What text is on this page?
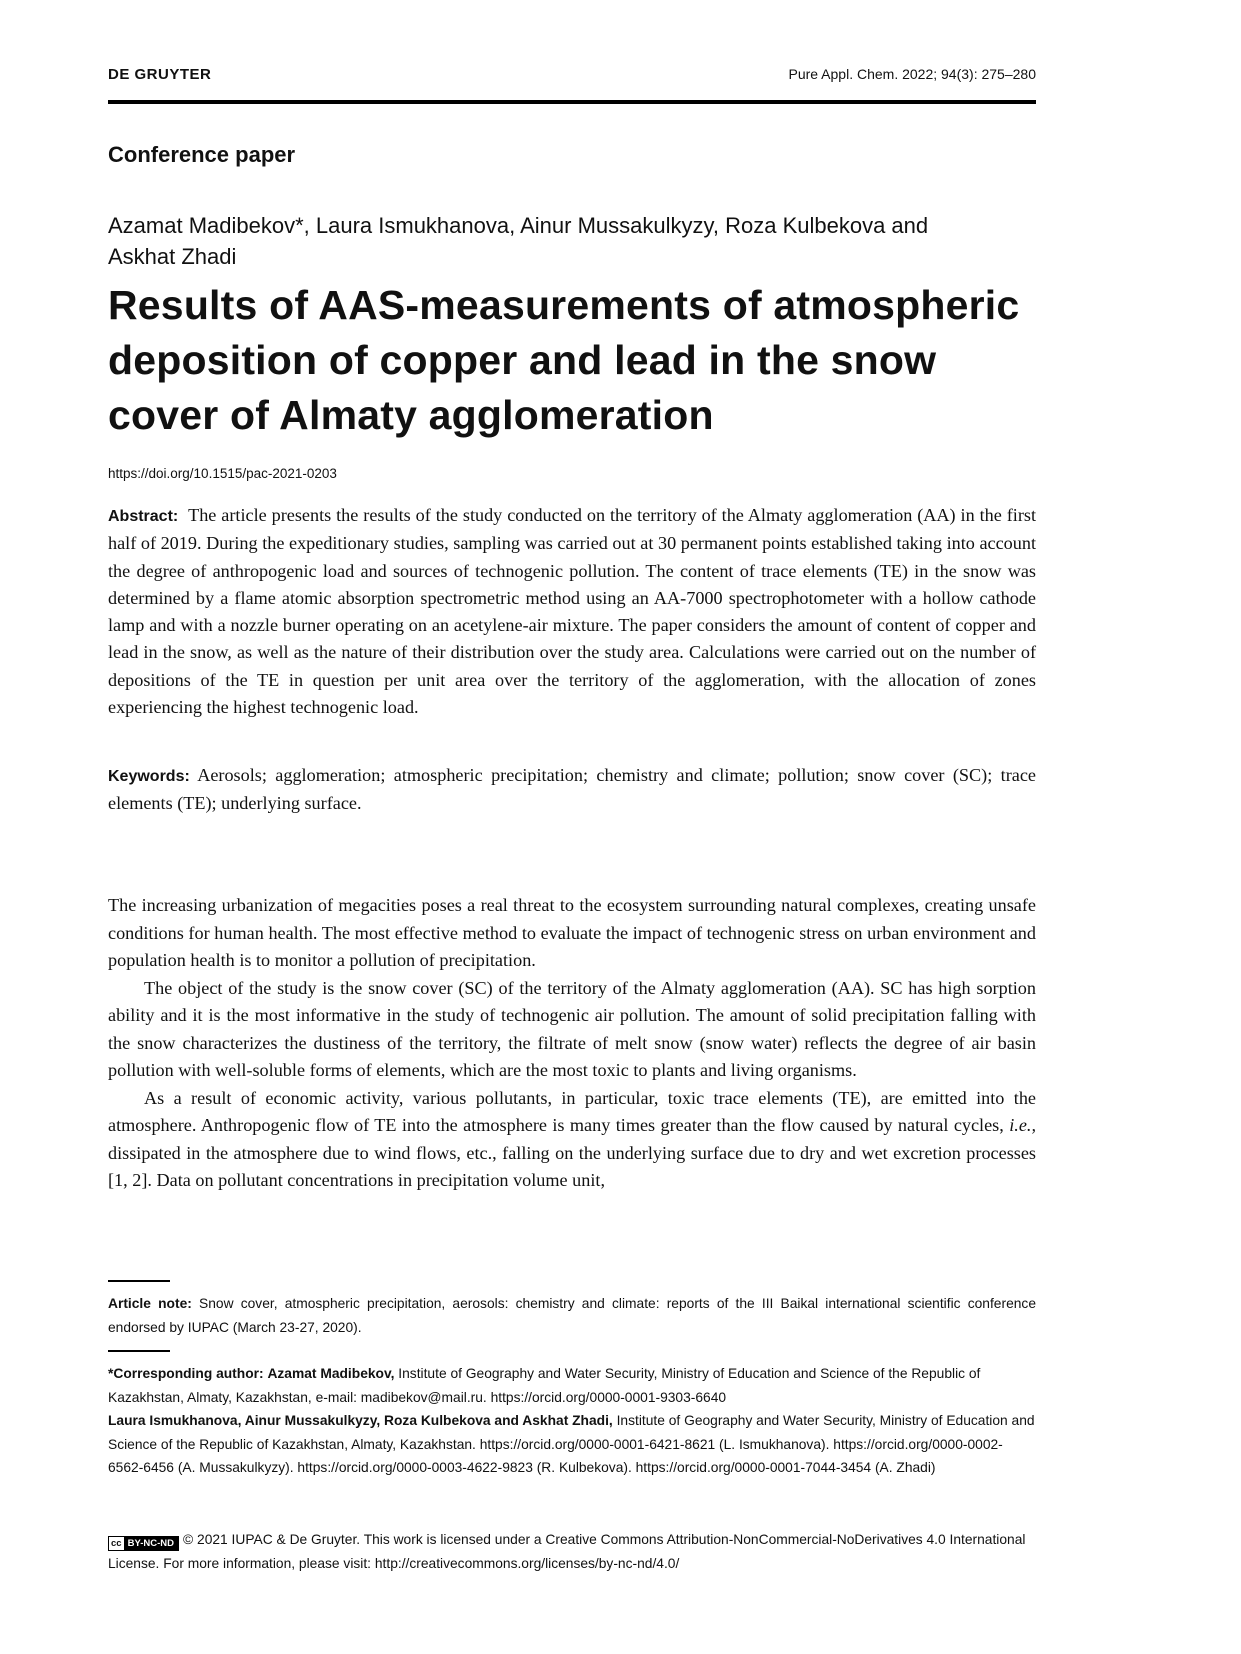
DE GRUYTER	Pure Appl. Chem. 2022; 94(3): 275–280
Conference paper
Azamat Madibekov*, Laura Ismukhanova, Ainur Mussakulkyzy, Roza Kulbekova and
Askhat Zhadi
Results of AAS-measurements of atmospheric deposition of copper and lead in the snow cover of Almaty agglomeration
https://doi.org/10.1515/pac-2021-0203

Abstract: The article presents the results of the study conducted on the territory of the Almaty agglomeration (AA) in the first half of 2019. During the expeditionary studies, sampling was carried out at 30 permanent points established taking into account the degree of anthropogenic load and sources of technogenic pollution. The content of trace elements (TE) in the snow was determined by a flame atomic absorption spectrometric method using an AA-7000 spectrophotometer with a hollow cathode lamp and with a nozzle burner operating on an acetylene-air mixture. The paper considers the amount of content of copper and lead in the snow, as well as the nature of their distribution over the study area. Calculations were carried out on the number of depositions of the TE in question per unit area over the territory of the agglomeration, with the allocation of zones experiencing the highest technogenic load.

Keywords: Aerosols; agglomeration; atmospheric precipitation; chemistry and climate; pollution; snow cover (SC); trace elements (TE); underlying surface.

The increasing urbanization of megacities poses a real threat to the ecosystem surrounding natural complexes, creating unsafe conditions for human health. The most effective method to evaluate the impact of technogenic stress on urban environment and population health is to monitor a pollution of precipitation.

The object of the study is the snow cover (SC) of the territory of the Almaty agglomeration (AA). SC has high sorption ability and it is the most informative in the study of technogenic air pollution. The amount of solid precipitation falling with the snow characterizes the dustiness of the territory, the filtrate of melt snow (snow water) reflects the degree of air basin pollution with well-soluble forms of elements, which are the most toxic to plants and living organisms.

As a result of economic activity, various pollutants, in particular, toxic trace elements (TE), are emitted into the atmosphere. Anthropogenic flow of TE into the atmosphere is many times greater than the flow caused by natural cycles, i.e., dissipated in the atmosphere due to wind flows, etc., falling on the underlying surface due to dry and wet excretion processes [1, 2]. Data on pollutant concentrations in precipitation volume unit,

Article note: Snow cover, atmospheric precipitation, aerosols: chemistry and climate: reports of the III Baikal international scientific conference endorsed by IUPAC (March 23-27, 2020).

*Corresponding author: Azamat Madibekov, Institute of Geography and Water Security, Ministry of Education and Science of the Republic of Kazakhstan, Almaty, Kazakhstan, e-mail: madibekov@mail.ru. https://orcid.org/0000-0001-9303-6640

Laura Ismukhanova, Ainur Mussakulkyzy, Roza Kulbekova and Askhat Zhadi, Institute of Geography and Water Security, Ministry of Education and Science of the Republic of Kazakhstan, Almaty, Kazakhstan. https://orcid.org/0000-0001-6421-8621 (L. Ismukhanova). https://orcid.org/0000-0002-6562-6456 (A. Mussakulkyzy). https://orcid.org/0000-0003-4622-9823 (R. Kulbekova). https://orcid.org/0000-0001-7044-3454 (A. Zhadi)

cc BY-NC-ND © 2021 IUPAC & De Gruyter. This work is licensed under a Creative Commons Attribution-NonCommercial-NoDerivatives 4.0 International License. For more information, please visit: http://creativecommons.org/licenses/by-nc-nd/4.0/
